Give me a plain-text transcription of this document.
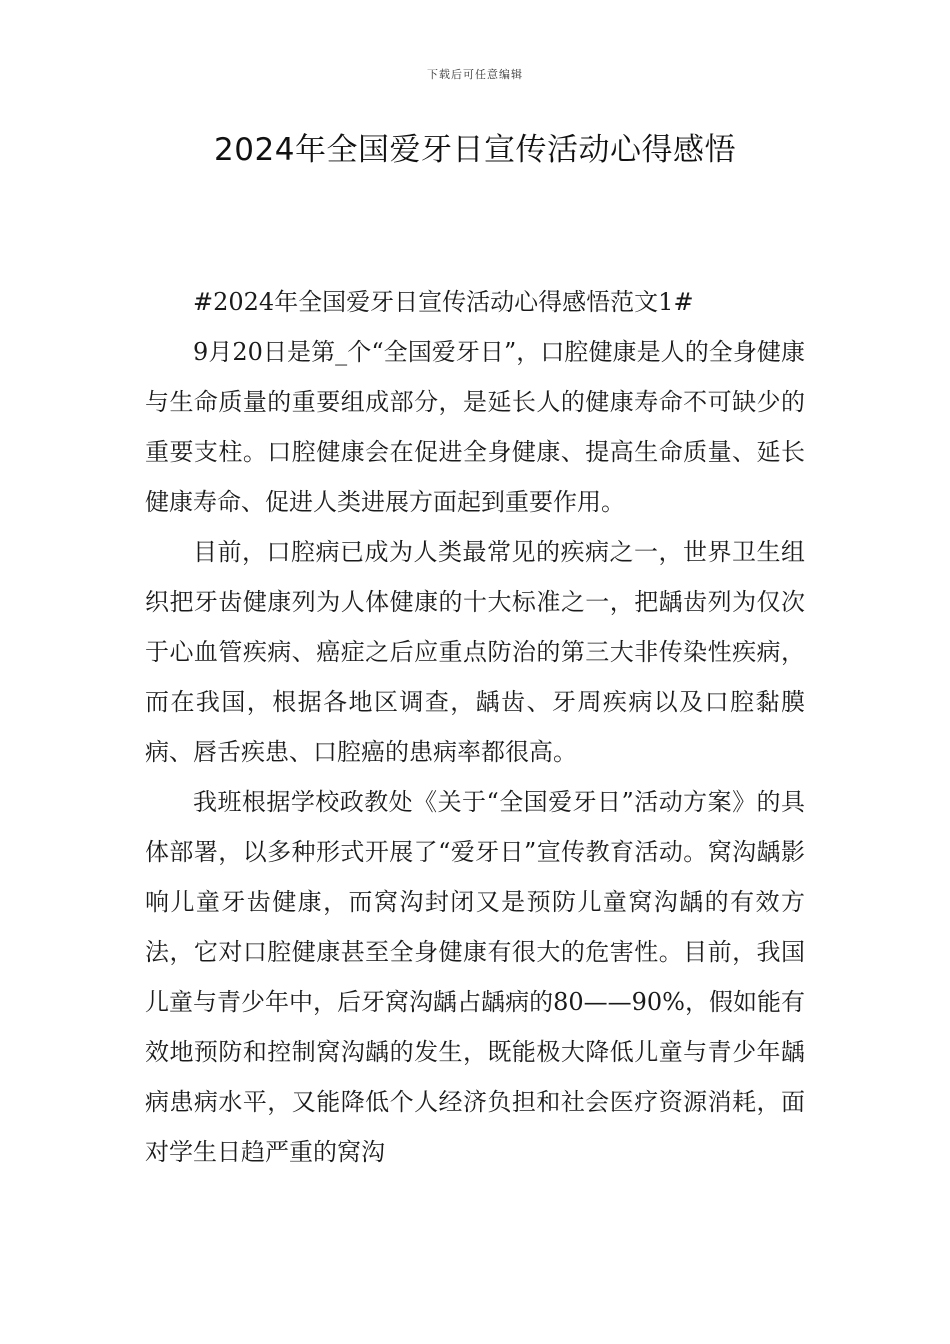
下载后可任意编辑
2024年全国爱牙日宣传活动心得感悟

#2024年全国爱牙日宣传活动心得感悟范文1#

9月20日是第_个“全国爱牙日”，口腔健康是人的全身健康与生命质量的重要组成部分，是延长人的健康寿命不可缺少的重要支柱。口腔健康会在促进全身健康、提高生命质量、延长健康寿命、促进人类进展方面起到重要作用。

目前，口腔病已成为人类最常见的疾病之一，世界卫生组织把牙齿健康列为人体健康的十大标准之一，把龋齿列为仅次于心血管疾病、癌症之后应重点防治的第三大非传染性疾病，而在我国，根据各地区调查，龋齿、牙周疾病以及口腔黏膜病、唇舌疾患、口腔癌的患病率都很高。

我班根据学校政教处《关于“全国爱牙日”活动方案》的具体部署，以多种形式开展了“爱牙日”宣传教育活动。窝沟龋影响儿童牙齿健康，而窝沟封闭又是预防儿童窝沟龋的有效方法，它对口腔健康甚至全身健康有很大的危害性。目前，我国儿童与青少年中，后牙窝沟龋占龋病的80——90%，假如能有效地预防和控制窝沟龋的发生，既能极大降低儿童与青少年龋病患病水平，又能降低个人经济负担和社会医疗资源消耗，面对学生日趋严重的窝沟
